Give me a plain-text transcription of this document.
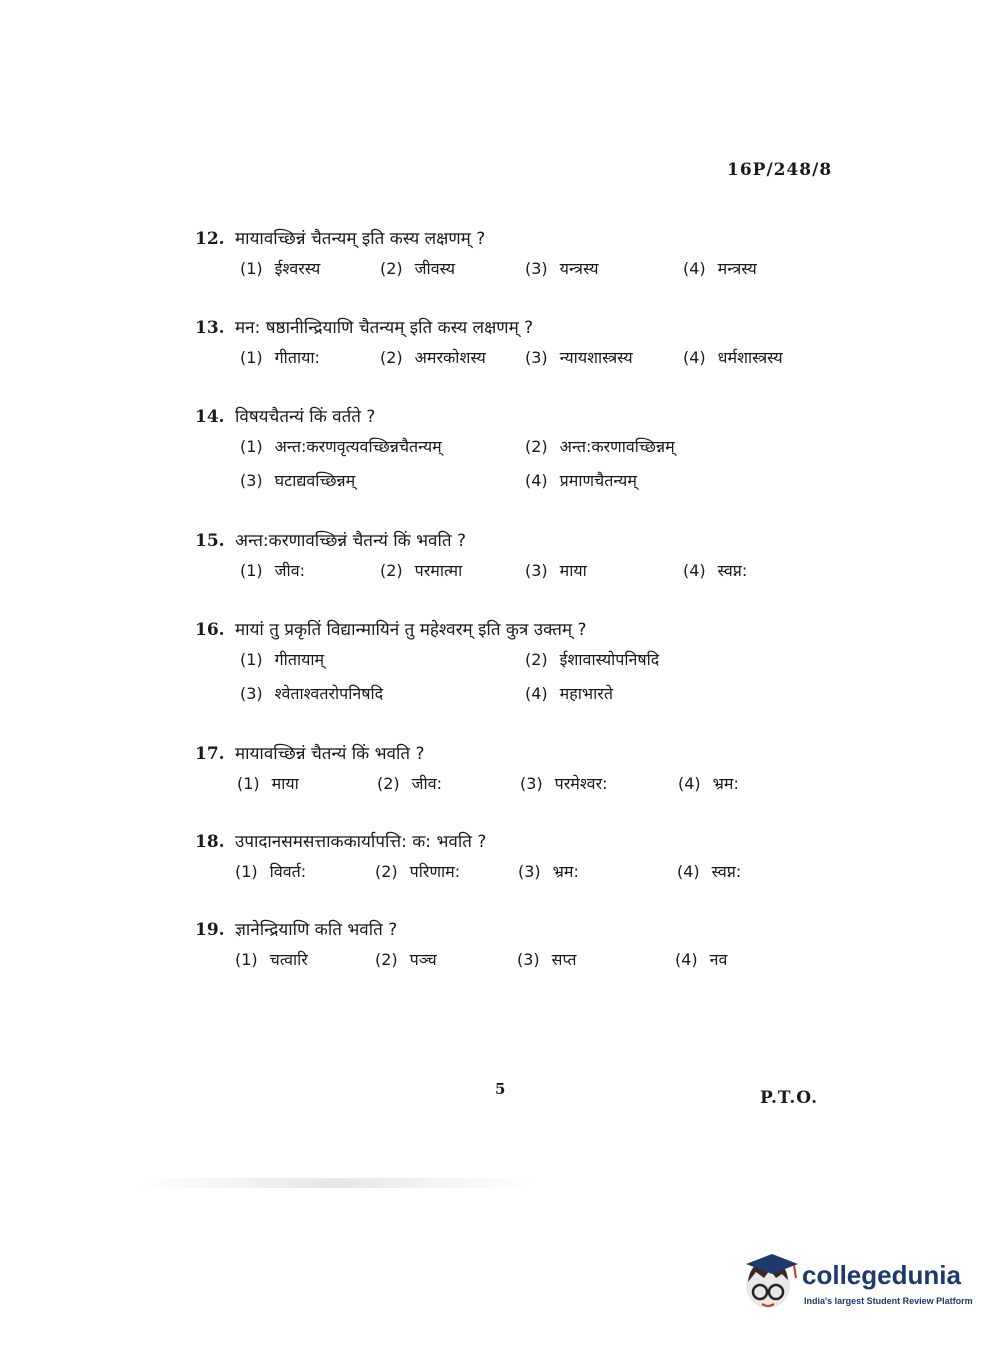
16P/248/8
12. मायावच्छिन्नं चैतन्यम् इति कस्य लक्षणम् ?
(1) ईश्वरस्य	(2) जीवस्य	(3) यन्त्रस्य	(4) मन्त्रस्य
13. मन: षष्ठानीन्द्रियाणि चैतन्यम् इति कस्य लक्षणम् ?
(1) गीताया:	(2) अमरकोशस्य (3) न्यायशास्त्रस्य	(4) धर्मशास्त्रस्य
14. विषयचैतन्यं किं वर्तते ?
(1) अन्त:करणवृत्यवच्छिन्नचैतन्यम्	(2) अन्त:करणावच्छिन्नम्
(3) घटाद्यवच्छिन्नम्	(4) प्रमाणचैतन्यम्
15. अन्त:करणावच्छिन्नं चैतन्यं किं भवति ?
(1) जीव:	(2) परमात्मा	(3) माया	(4) स्वप्न:
16. मायां तु प्रकृतिं विद्यान्मायिनं तु महेश्वरम् इति कुत्र उक्तम् ?
(1) गीतायाम्	(2) ईशावास्योपनिषदि
(3) श्वेताश्वतरोपनिषदि	(4) महाभारते
17. मायावच्छिन्नं चैतन्यं किं भवति ?
(1) माया	(2) जीव:	(3) परमेश्वर:	(4) भ्रम:
18. उपादानसमसत्ताककार्यापत्ति: क: भवति ?
(1) विवर्त:	(2) परिणाम:	(3) भ्रम:	(4) स्वप्न:
19. ज्ञानेन्द्रियाणि कति भवति ?
(1) चत्वारि	(2) पञ्च	(3) सप्त	(4) नव
5	P.T.O.
collegedunia
India's largest Student Review Platform
